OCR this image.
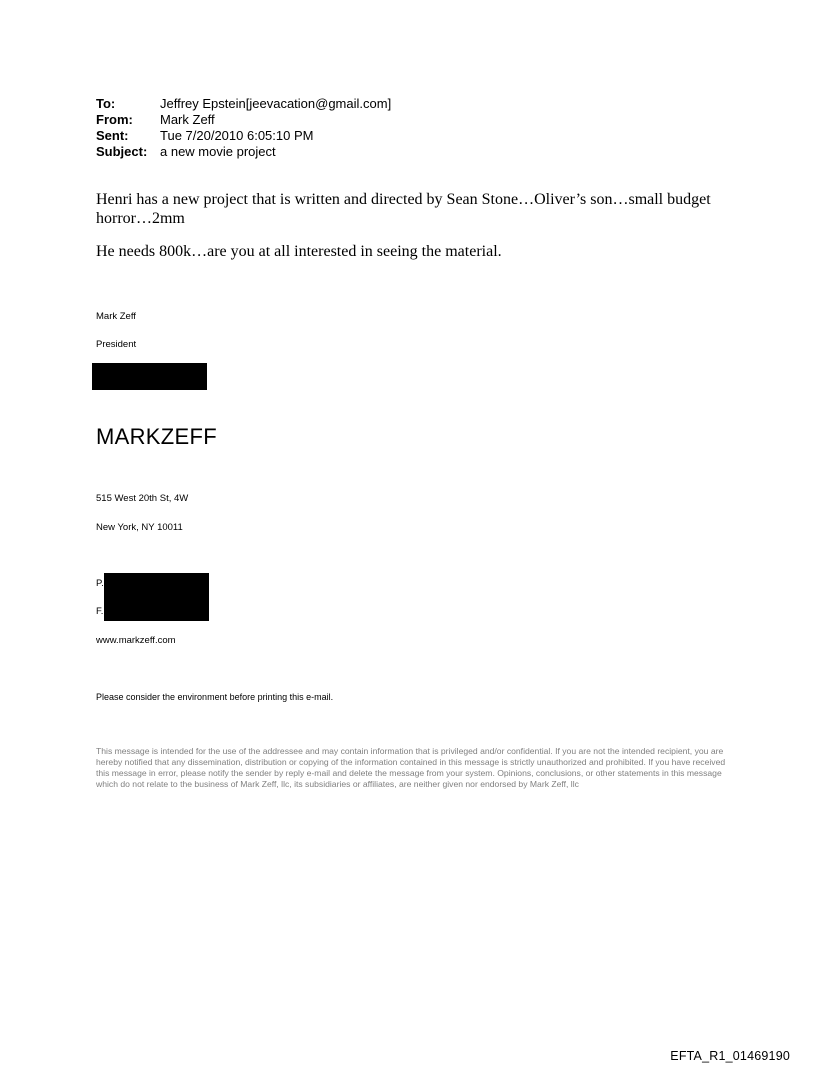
To:	Jeffrey Epstein[jeevacation@gmail.com]
From:	Mark Zeff
Sent:	Tue 7/20/2010 6:05:10 PM
Subject: a new movie project
Henri has a new project that is written and directed by Sean Stone…Oliver’s son…small budget horror…2mm
He needs 800k…are you at all interested in seeing the material.
Mark Zeff
President
MARKZEFF
515 West 20th St, 4W
New York, NY 10011
P.
F.
www.markzeff.com
Please consider the environment before printing this e-mail.
This message is intended for the use of the addressee and may contain information that is privileged and/or confidential. If you are not the intended recipient, you are hereby notified that any dissemination, distribution or copying of the information contained in this message is strictly unauthorized and prohibited. If you have received this message in error, please notify the sender by reply e-mail and delete the message from your system. Opinions, conclusions, or other statements in this message which do not relate to the business of Mark Zeff, llc, its subsidiaries or affiliates, are neither given nor endorsed by Mark Zeff, llc
EFTA_R1_01469190
